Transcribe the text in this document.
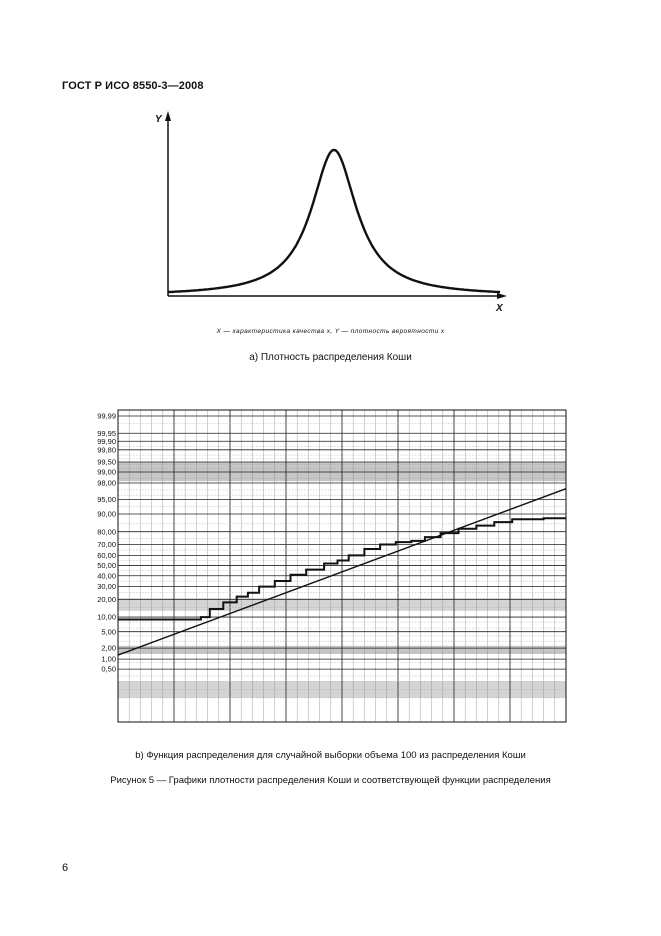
ГОСТ Р ИСО 8550-3—2008
Y
X
X — характеристика качества x, Y — плотность вероятности x
а) Плотность распределения Коши
99,99
99,95
99,90
99,80
99,50
99,00
98,00
95,00
90,00
80,00
70,00
60,00
50,00
40,00
30,00
20,00
10,00
5,00
2,00
1,00
0,50
b) Функция распределения для случайной выборки объема 100 из распределения Коши
Рисунок 5 — Графики плотности распределения Коши и соответствующей функции распределения
6
